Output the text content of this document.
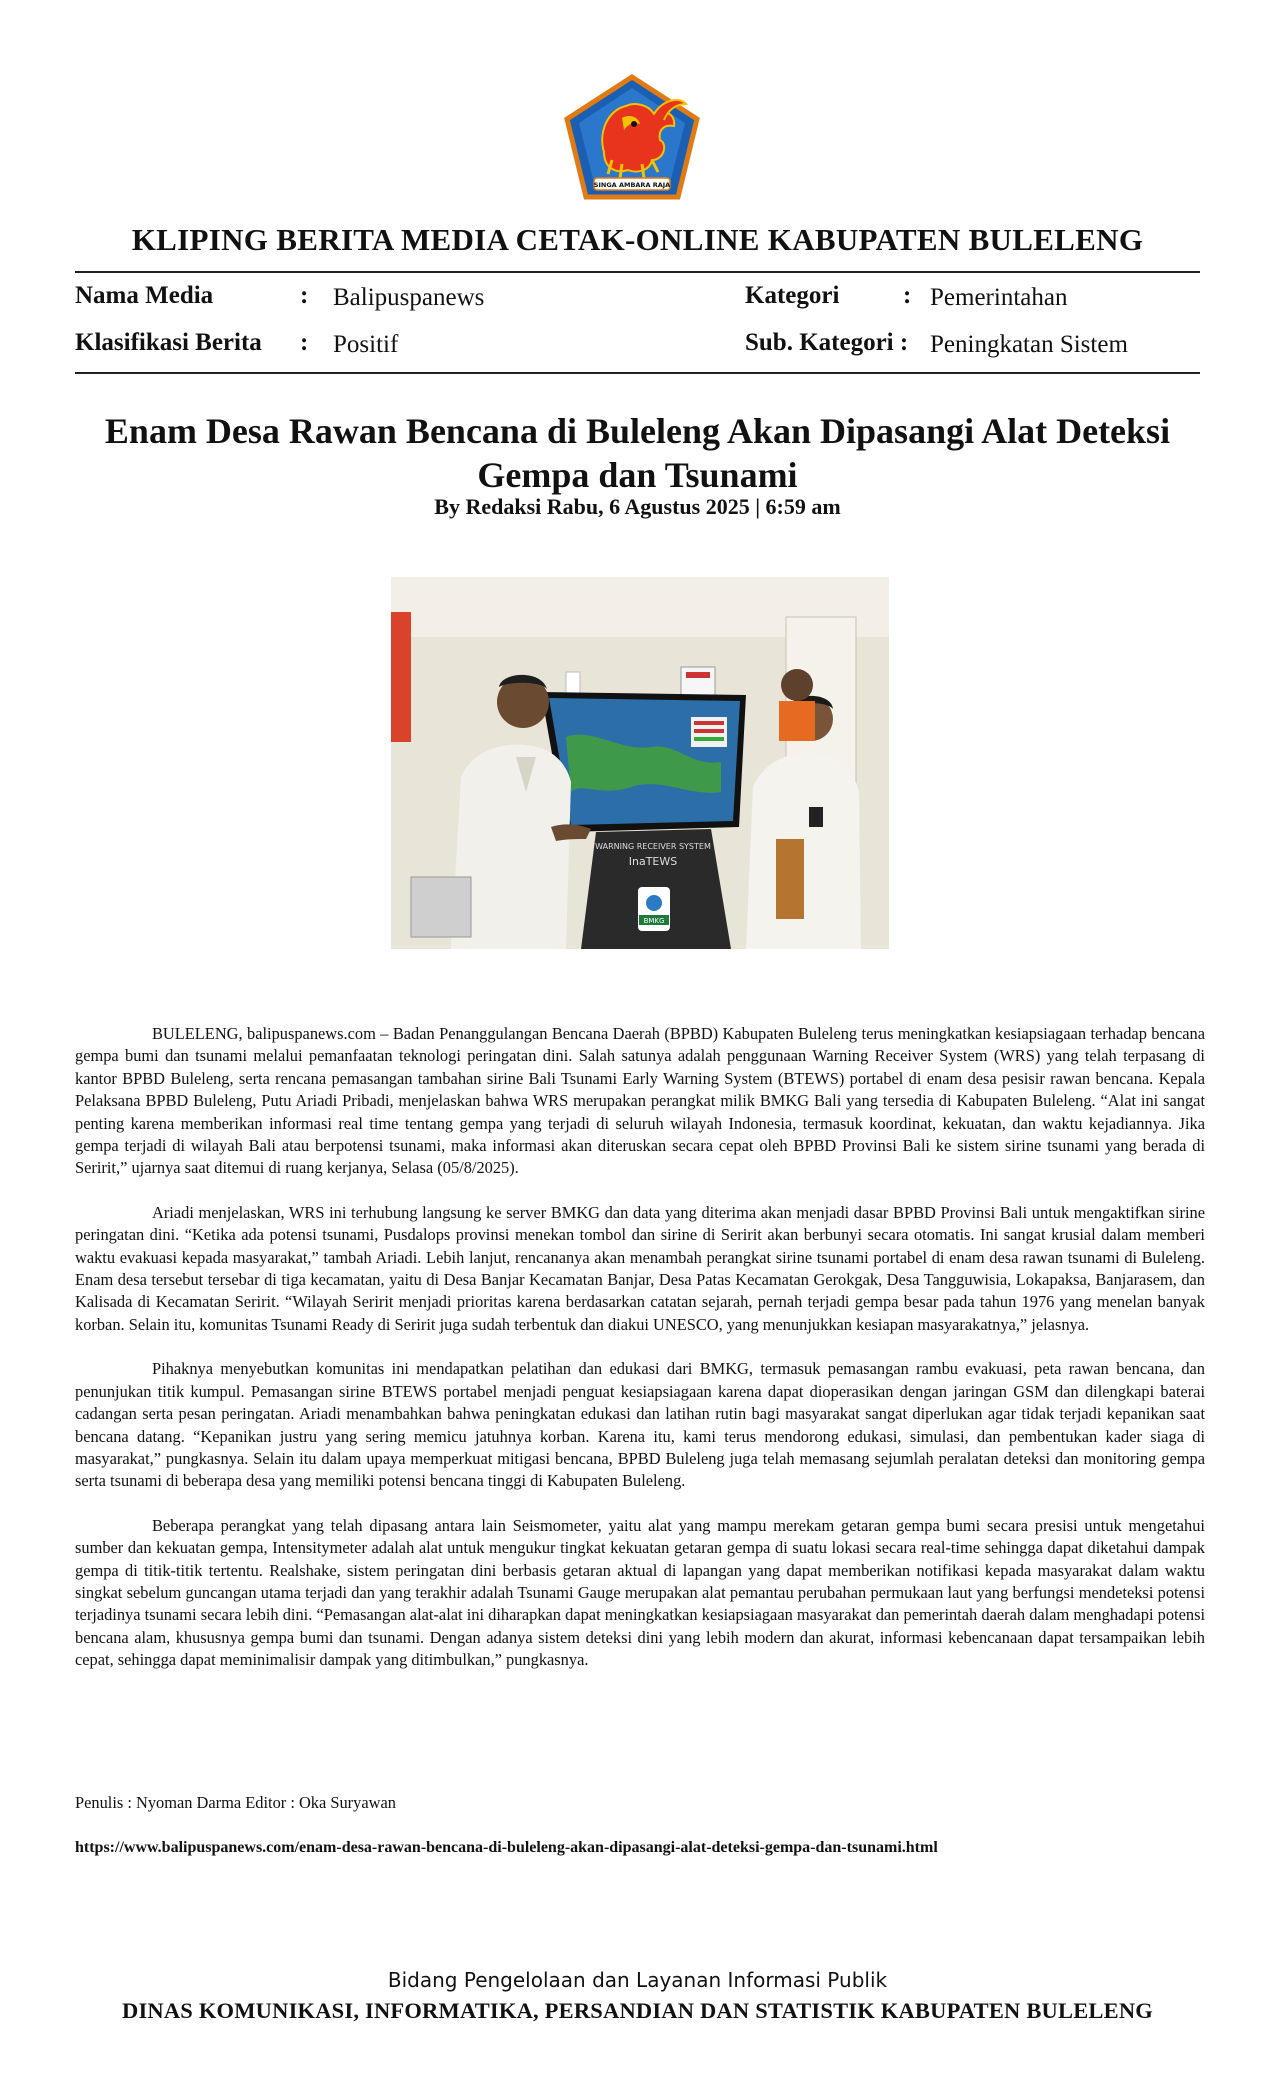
SINGA AMBARA RAJA
KLIPING BERITA MEDIA CETAK-ONLINE KABUPATEN BULELENG
Nama Media	: Balipuspanews	Kategori	: Pemerintahan
Klasifikasi Berita : Positif	Sub. Kategori : Peningkatan Sistem
Enam Desa Rawan Bencana di Buleleng Akan Dipasangi Alat Deteksi Gempa dan Tsunami
By Redaksi Rabu, 6 Agustus 2025 | 6:59 am
WARNING RECEIVER SYSTEM
InaTEWS
BMKG

BULELENG, balipuspanews.com – Badan Penanggulangan Bencana Daerah (BPBD) Kabupaten Buleleng terus meningkatkan kesiapsiagaan terhadap bencana gempa bumi dan tsunami melalui pemanfaatan teknologi peringatan dini. Salah satunya adalah penggunaan Warning Receiver System (WRS) yang telah terpasang di kantor BPBD Buleleng, serta rencana pemasangan tambahan sirine Bali Tsunami Early Warning System (BTEWS) portabel di enam desa pesisir rawan bencana. Kepala Pelaksana BPBD Buleleng, Putu Ariadi Pribadi, menjelaskan bahwa WRS merupakan perangkat milik BMKG Bali yang tersedia di Kabupaten Buleleng. “Alat ini sangat penting karena memberikan informasi real time tentang gempa yang terjadi di seluruh wilayah Indonesia, termasuk koordinat, kekuatan, dan waktu kejadiannya. Jika gempa terjadi di wilayah Bali atau berpotensi tsunami, maka informasi akan diteruskan secara cepat oleh BPBD Provinsi Bali ke sistem sirine tsunami yang berada di Seririt,” ujarnya saat ditemui di ruang kerjanya, Selasa (05/8/2025).

Ariadi menjelaskan, WRS ini terhubung langsung ke server BMKG dan data yang diterima akan menjadi dasar BPBD Provinsi Bali untuk mengaktifkan sirine peringatan dini. “Ketika ada potensi tsunami, Pusdalops provinsi menekan tombol dan sirine di Seririt akan berbunyi secara otomatis. Ini sangat krusial dalam memberi waktu evakuasi kepada masyarakat,” tambah Ariadi. Lebih lanjut, rencananya akan menambah perangkat sirine tsunami portabel di enam desa rawan tsunami di Buleleng. Enam desa tersebut tersebar di tiga kecamatan, yaitu di Desa Banjar Kecamatan Banjar, Desa Patas Kecamatan Gerokgak, Desa Tangguwisia, Lokapaksa, Banjarasem, dan Kalisada di Kecamatan Seririt. “Wilayah Seririt menjadi prioritas karena berdasarkan catatan sejarah, pernah terjadi gempa besar pada tahun 1976 yang menelan banyak korban. Selain itu, komunitas Tsunami Ready di Seririt juga sudah terbentuk dan diakui UNESCO, yang menunjukkan kesiapan masyarakatnya,” jelasnya.

Pihaknya menyebutkan komunitas ini mendapatkan pelatihan dan edukasi dari BMKG, termasuk pemasangan rambu evakuasi, peta rawan bencana, dan penunjukan titik kumpul. Pemasangan sirine BTEWS portabel menjadi penguat kesiapsiagaan karena dapat dioperasikan dengan jaringan GSM dan dilengkapi baterai cadangan serta pesan peringatan. Ariadi menambahkan bahwa peningkatan edukasi dan latihan rutin bagi masyarakat sangat diperlukan agar tidak terjadi kepanikan saat bencana datang. “Kepanikan justru yang sering memicu jatuhnya korban. Karena itu, kami terus mendorong edukasi, simulasi, dan pembentukan kader siaga di masyarakat,” pungkasnya. Selain itu dalam upaya memperkuat mitigasi bencana, BPBD Buleleng juga telah memasang sejumlah peralatan deteksi dan monitoring gempa serta tsunami di beberapa desa yang memiliki potensi bencana tinggi di Kabupaten Buleleng.

Beberapa perangkat yang telah dipasang antara lain Seismometer, yaitu alat yang mampu merekam getaran gempa bumi secara presisi untuk mengetahui sumber dan kekuatan gempa, Intensitymeter adalah alat untuk mengukur tingkat kekuatan getaran gempa di suatu lokasi secara real-time sehingga dapat diketahui dampak gempa di titik-titik tertentu. Realshake, sistem peringatan dini berbasis getaran aktual di lapangan yang dapat memberikan notifikasi kepada masyarakat dalam waktu singkat sebelum guncangan utama terjadi dan yang terakhir adalah Tsunami Gauge merupakan alat pemantau perubahan permukaan laut yang berfungsi mendeteksi potensi terjadinya tsunami secara lebih dini. “Pemasangan alat-alat ini diharapkan dapat meningkatkan kesiapsiagaan masyarakat dan pemerintah daerah dalam menghadapi potensi bencana alam, khususnya gempa bumi dan tsunami. Dengan adanya sistem deteksi dini yang lebih modern dan akurat, informasi kebencanaan dapat tersampaikan lebih cepat, sehingga dapat meminimalisir dampak yang ditimbulkan,” pungkasnya.

Penulis : Nyoman Darma Editor : Oka Suryawan
https://www.balipuspanews.com/enam-desa-rawan-bencana-di-buleleng-akan-dipasangi-alat-deteksi-gempa-dan-tsunami.html
Bidang Pengelolaan dan Layanan Informasi Publik
DINAS KOMUNIKASI, INFORMATIKA, PERSANDIAN DAN STATISTIK KABUPATEN BULELENG
